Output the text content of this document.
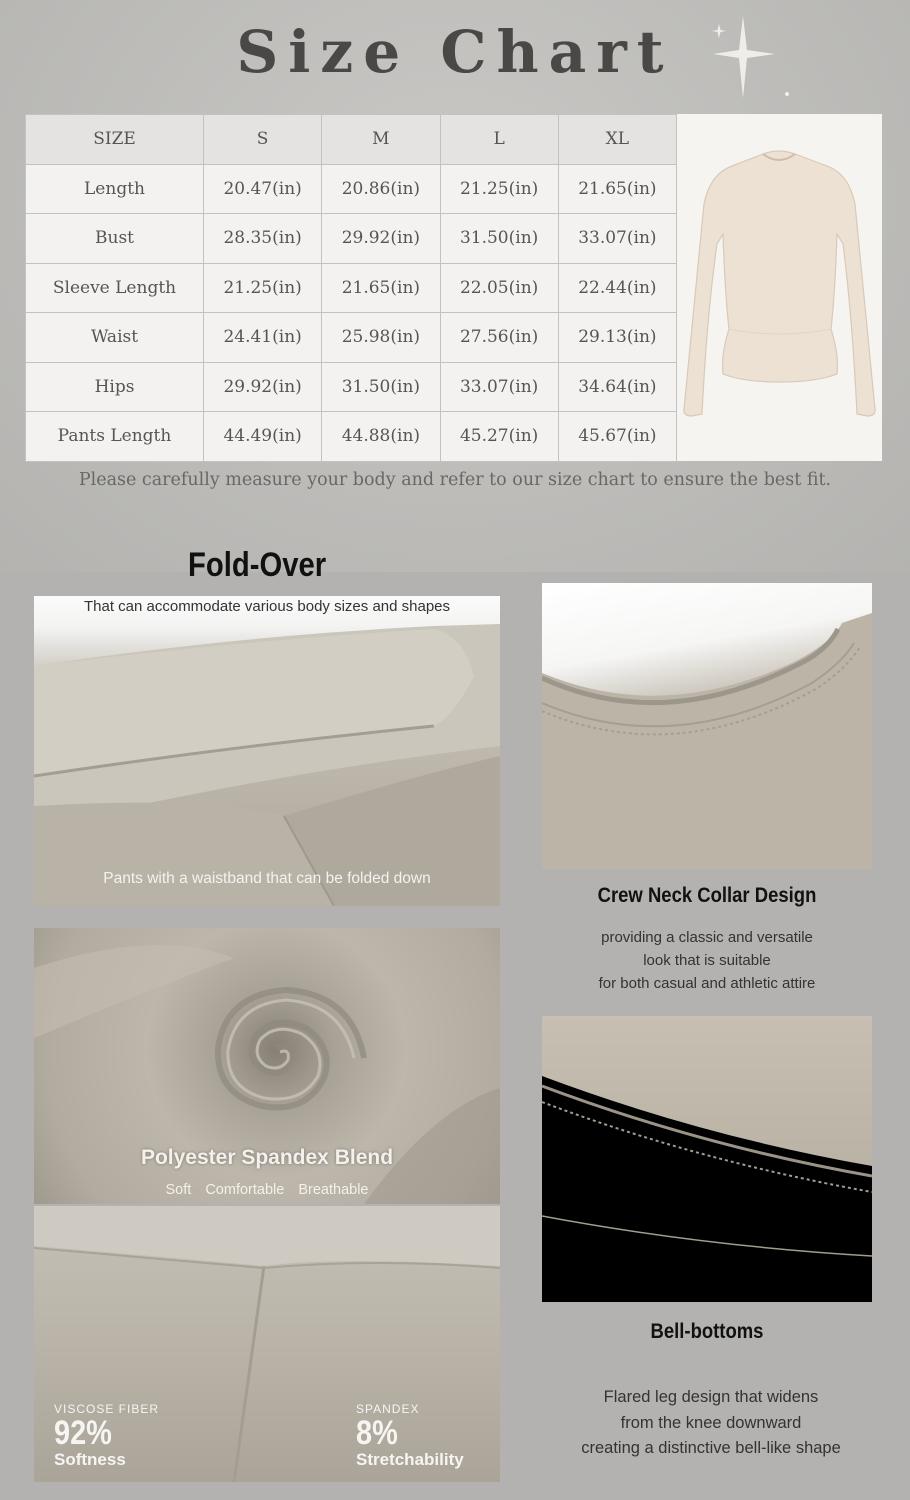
Size Chart
SIZE	S	M	L	XL
Length	20.47(in)	20.86(in)	21.25(in)	21.65(in)
Bust	28.35(in)	29.92(in)	31.50(in)	33.07(in)
Sleeve Length	21.25(in)	21.65(in)	22.05(in)	22.44(in)
Waist	24.41(in)	25.98(in)	27.56(in)	29.13(in)
Hips	29.92(in)	31.50(in)	33.07(in)	34.64(in)
Pants Length	44.49(in)	44.88(in)	45.27(in)	45.67(in)
Please carefully measure your body and refer to our size chart to ensure the best fit.
Fold-Over
That can accommodate various body sizes and shapes
Pants with a waistband that can be folded down
Crew Neck Collar Design
providing a classic and versatile
look that is suitable
for both casual and athletic attire
Polyester Spandex Blend
Soft Comfortable Breathable
VISCOSE FIBER
92%
Softness
SPANDEX
8%
Stretchability
Bell-bottoms
Flared leg design that widens
from the knee downward
creating a distinctive bell-like shape
